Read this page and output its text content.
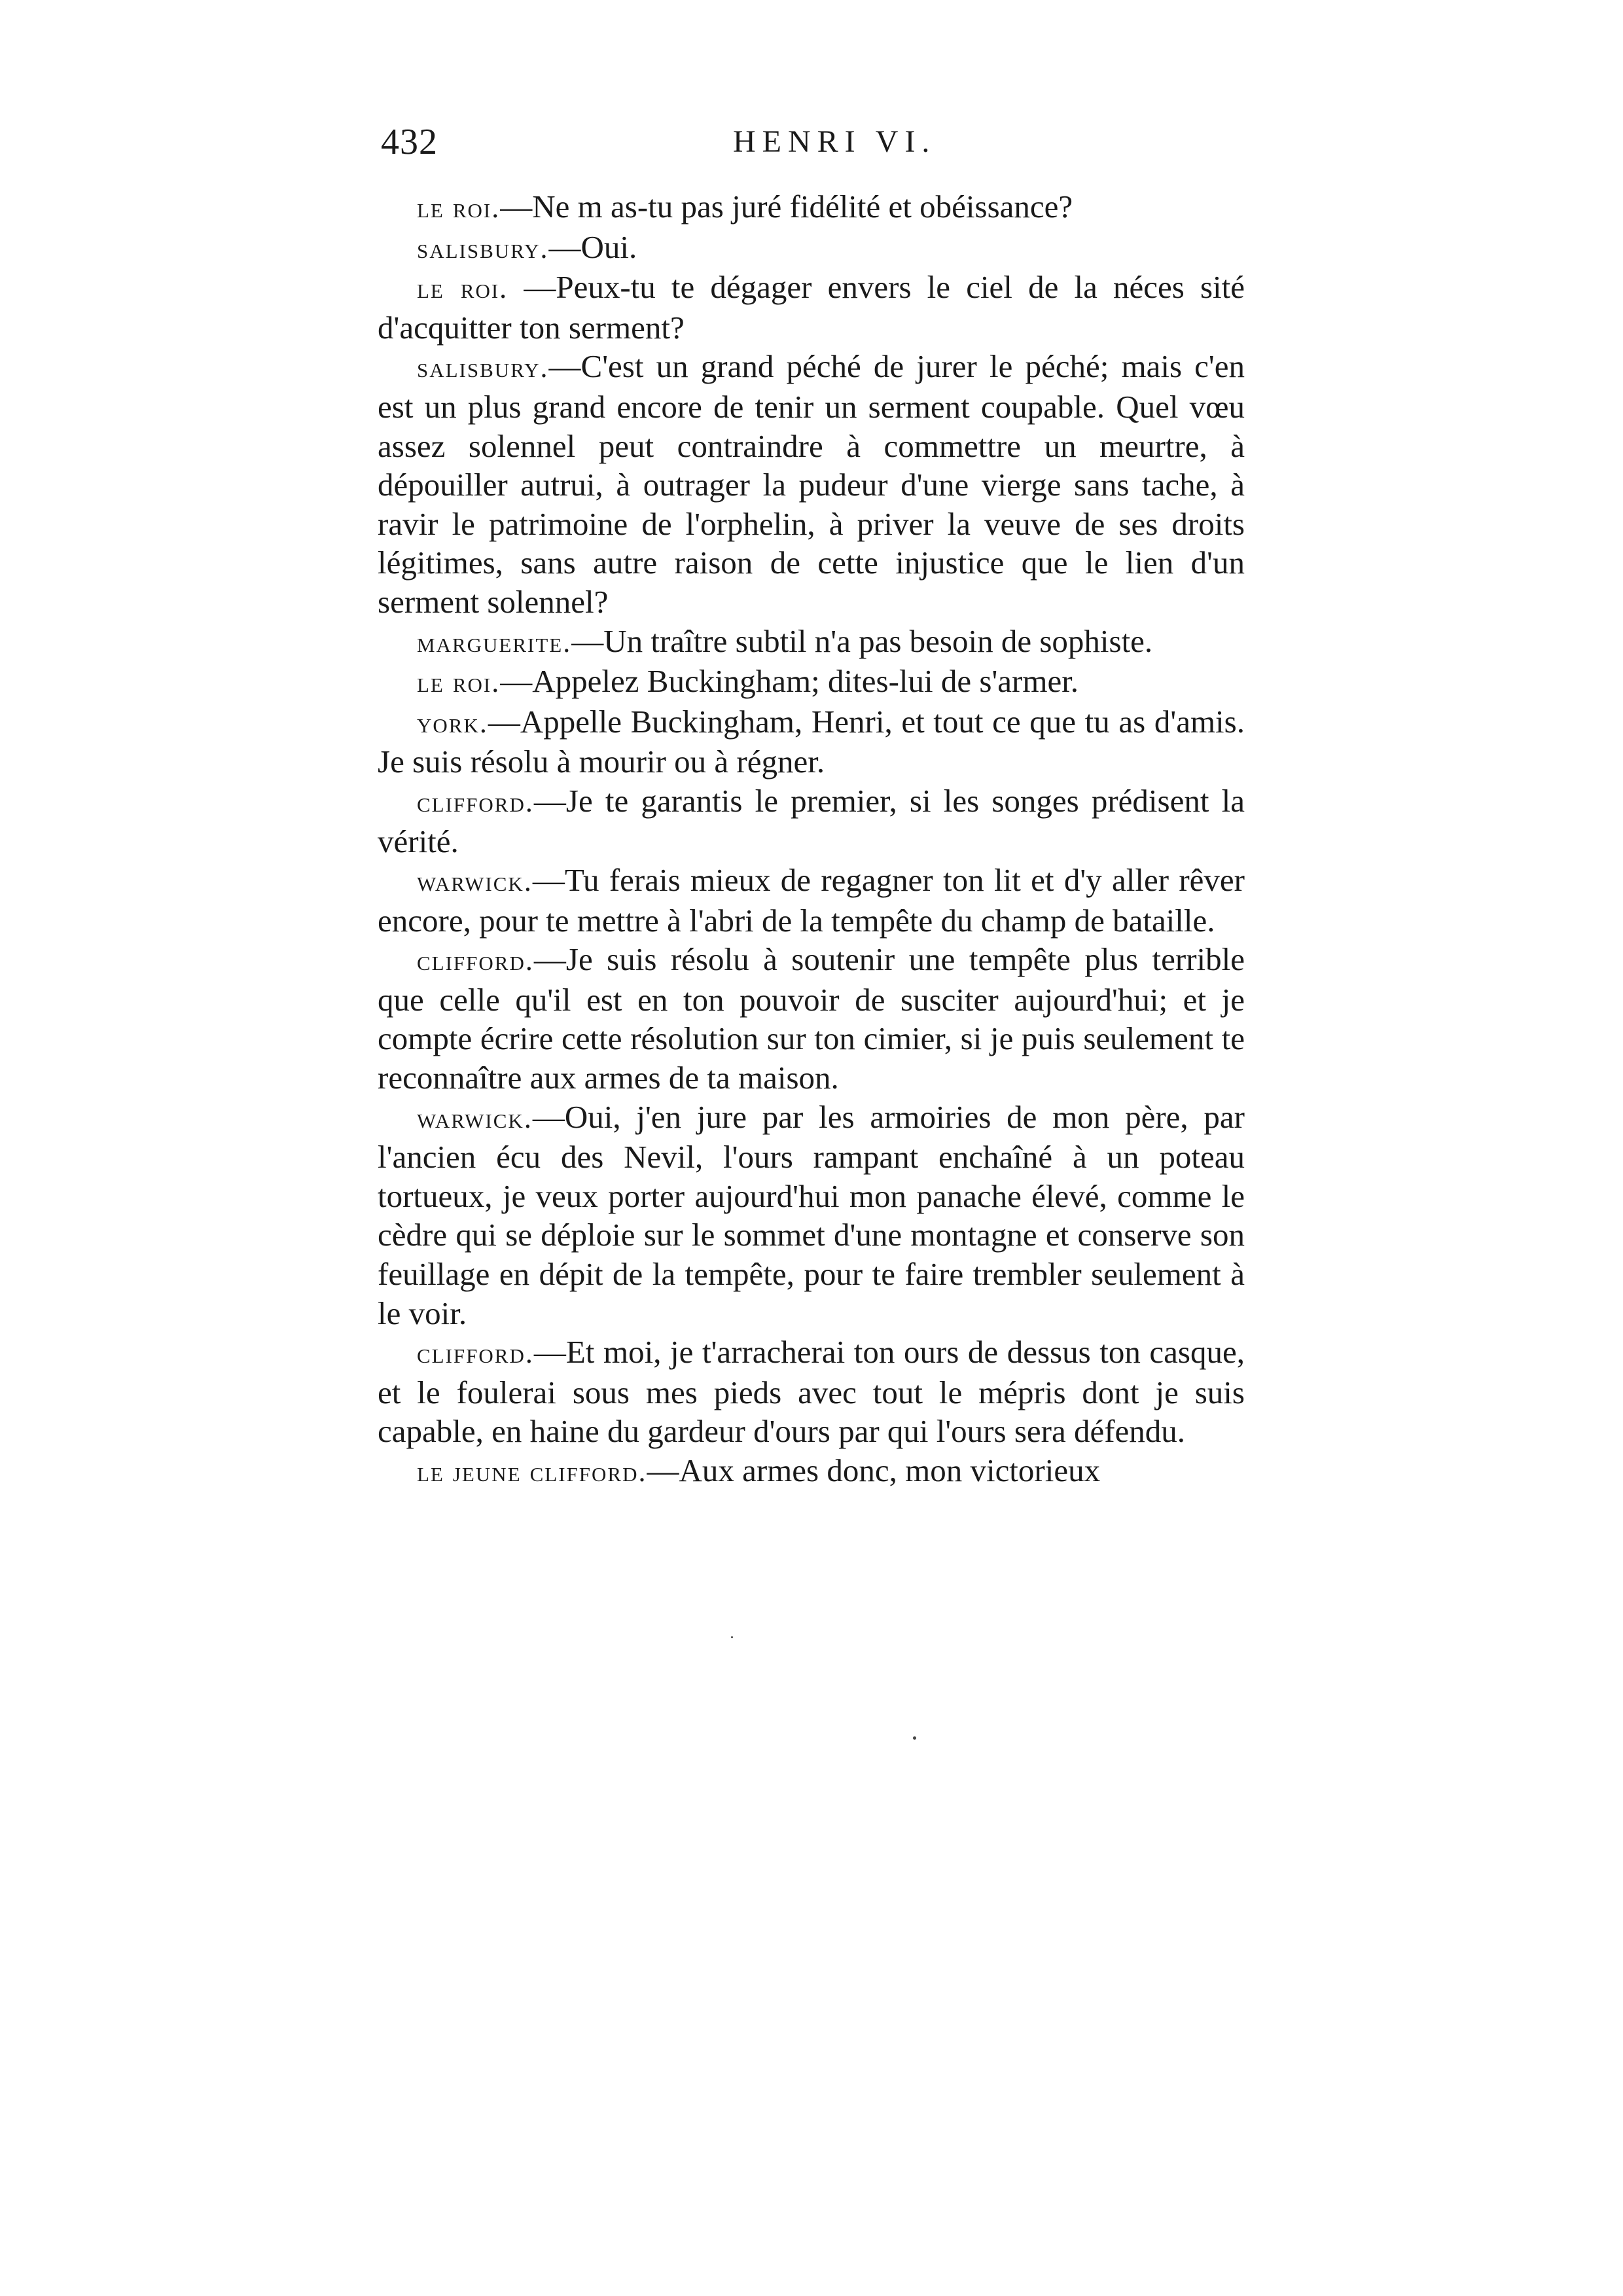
432	HENRI VI.

le roi.—Ne m as-tu pas juré fidélité et obéissance?

salisbury.—Oui.

le roi. —Peux-tu te dégager envers le ciel de la néces sité d'acquitter ton serment?

salisbury.—C'est un grand péché de jurer le péché; mais c'en est un plus grand encore de tenir un serment coupable. Quel vœu assez solennel peut contraindre à commettre un meurtre, à dépouiller autrui, à outrager la pudeur d'une vierge sans tache, à ravir le patrimoine de l'orphelin, à priver la veuve de ses droits légitimes, sans autre raison de cette injustice que le lien d'un serment solennel?

marguerite.—Un traître subtil n'a pas besoin de sophiste.

le roi.—Appelez Buckingham; dites-lui de s'armer.

york.—Appelle Buckingham, Henri, et tout ce que tu as d'amis. Je suis résolu à mourir ou à régner.

clifford.—Je te garantis le premier, si les songes prédisent la vérité.

warwick.—Tu ferais mieux de regagner ton lit et d'y aller rêver encore, pour te mettre à l'abri de la tempête du champ de bataille.

clifford.—Je suis résolu à soutenir une tempête plus terrible que celle qu'il est en ton pouvoir de susciter aujourd'hui; et je compte écrire cette résolution sur ton cimier, si je puis seulement te reconnaître aux armes de ta maison.

warwick.—Oui, j'en jure par les armoiries de mon père, par l'ancien écu des Nevil, l'ours rampant enchaîné à un poteau tortueux, je veux porter aujourd'hui mon panache élevé, comme le cèdre qui se déploie sur le sommet d'une montagne et conserve son feuillage en dépit de la tempête, pour te faire trembler seulement à le voir.

clifford.—Et moi, je t'arracherai ton ours de dessus ton casque, et le foulerai sous mes pieds avec tout le mépris dont je suis capable, en haine du gardeur d'ours par qui l'ours sera défendu.

le jeune clifford.—Aux armes donc, mon victorieux
